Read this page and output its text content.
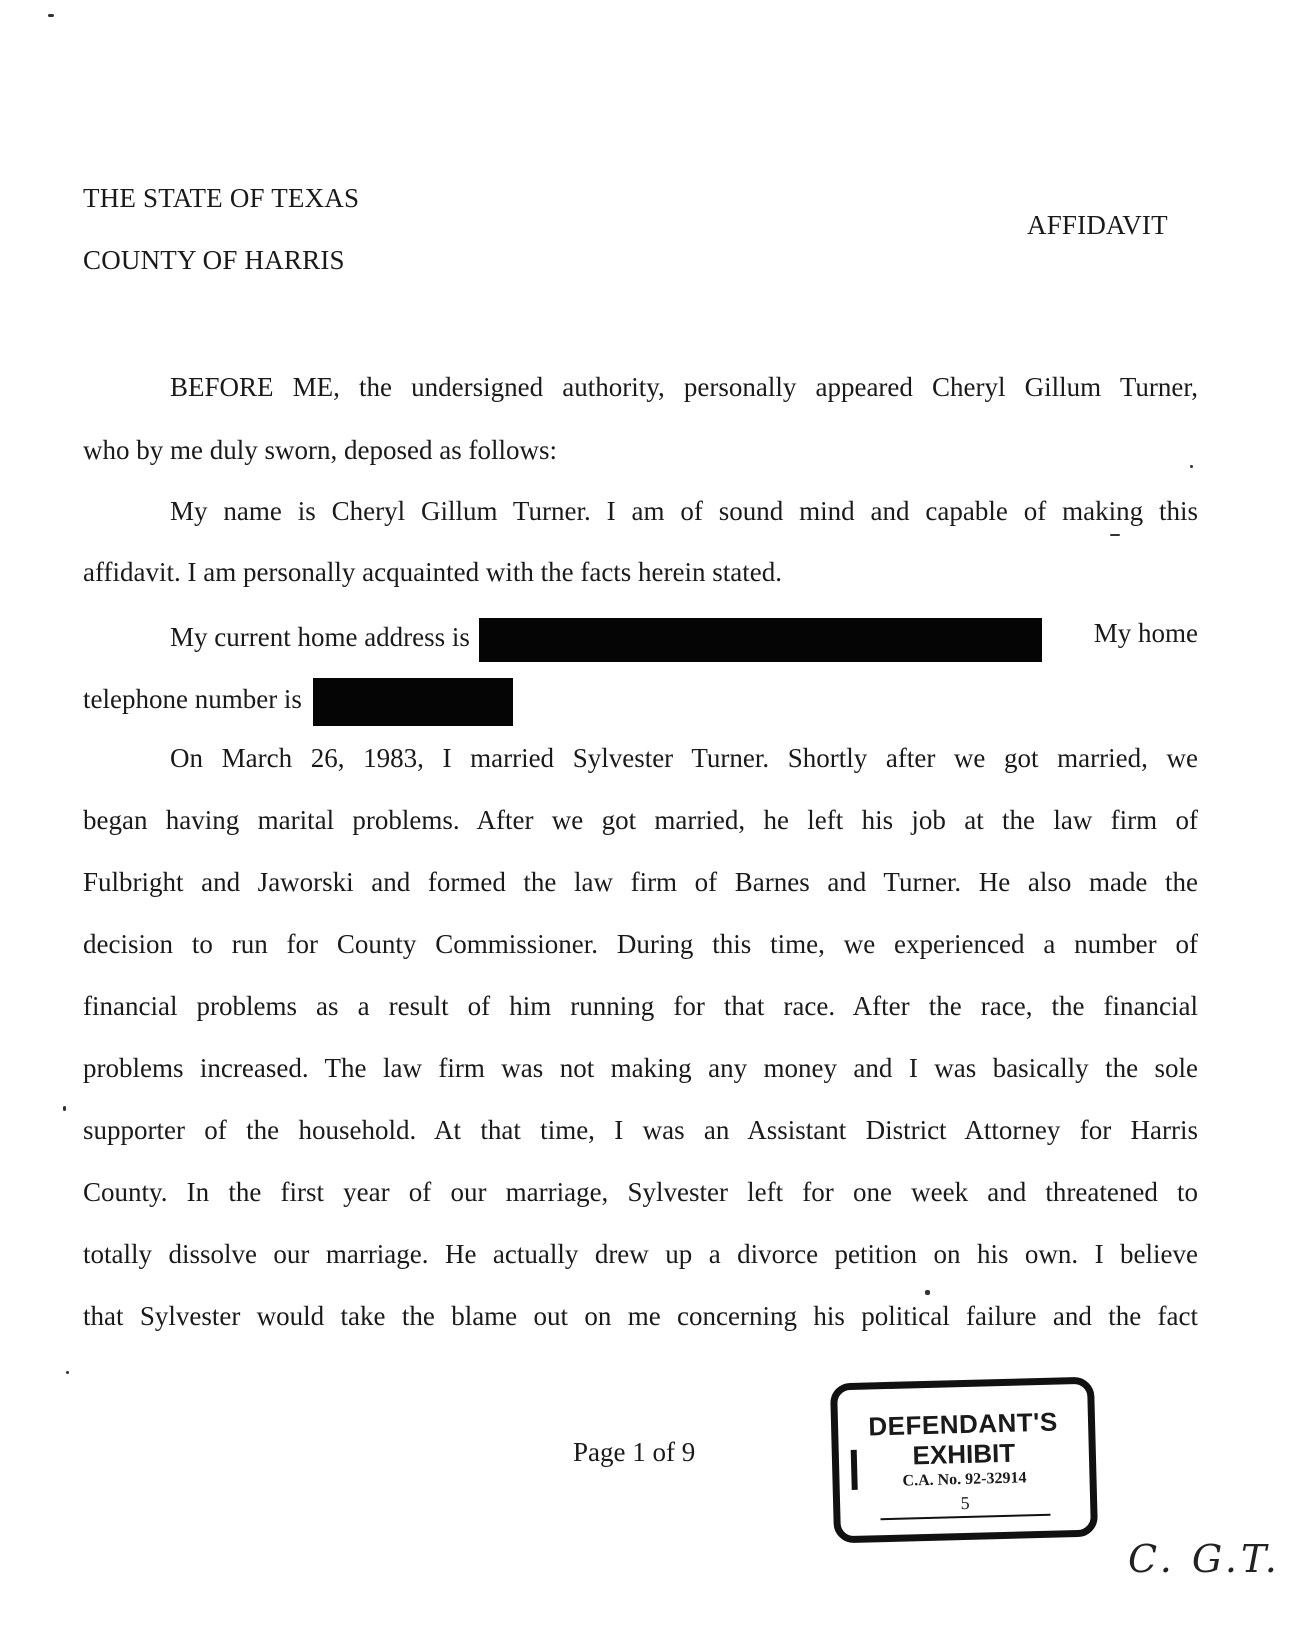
THE STATE OF TEXAS
COUNTY OF HARRIS
AFFIDAVIT
BEFORE ME, the undersigned authority, personally appeared Cheryl Gillum Turner,
who by me duly sworn, deposed as follows:
My name is Cheryl Gillum Turner. I am of sound mind and capable of making this
affidavit. I am personally acquainted with the facts herein stated.
My current home address is	My home
telephone number is
On March 26, 1983, I married Sylvester Turner. Shortly after we got married, we
began having marital problems. After we got married, he left his job at the law firm of
Fulbright and Jaworski and formed the law firm of Barnes and Turner. He also made the
decision to run for County Commissioner. During this time, we experienced a number of
financial problems as a result of him running for that race. After the race, the financial
problems increased. The law firm was not making any money and I was basically the sole
supporter of the household. At that time, I was an Assistant District Attorney for Harris
County. In the first year of our marriage, Sylvester left for one week and threatened to
totally dissolve our marriage. He actually drew up a divorce petition on his own. I believe
that Sylvester would take the blame out on me concerning his political failure and the fact
Page 1 of 9
DEFENDANT'S
EXHIBIT
C.A. No. 92-32914
5
C. G.T.
